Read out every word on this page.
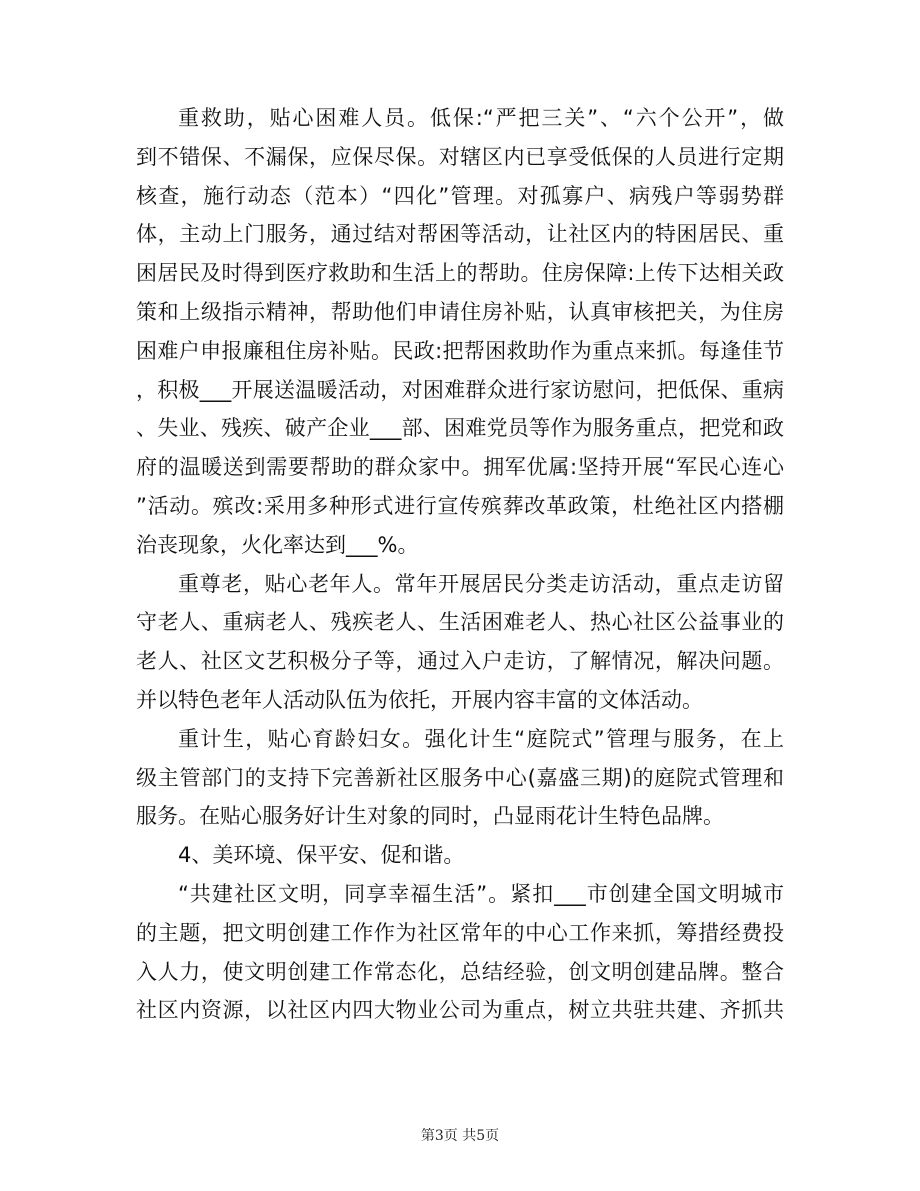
重救助，贴心困难人员。低保:“严把三关”、“六个公开”，做
到不错保、不漏保，应保尽保。对辖区内已享受低保的人员进行定期
核查，施行动态（范本）“四化”管理。对孤寡户、病残户等弱势群
体，主动上门服务，通过结对帮困等活动，让社区内的特困居民、重
困居民及时得到医疗救助和生活上的帮助。住房保障:上传下达相关政
策和上级指示精神，帮助他们申请住房补贴，认真审核把关，为住房
困难户申报廉租住房补贴。民政:把帮困救助作为重点来抓。每逢佳节
，积极___开展送温暖活动，对困难群众进行家访慰问，把低保、重病
、失业、残疾、破产企业___部、困难党员等作为服务重点，把党和政
府的温暖送到需要帮助的群众家中。拥军优属:坚持开展“军民心连心
”活动。殡改:采用多种形式进行宣传殡葬改革政策，杜绝社区内搭棚
治丧现象，火化率达到___%。
重尊老，贴心老年人。常年开展居民分类走访活动，重点走访留
守老人、重病老人、残疾老人、生活困难老人、热心社区公益事业的
老人、社区文艺积极分子等，通过入户走访，了解情况，解决问题。
并以特色老年人活动队伍为依托，开展内容丰富的文体活动。
重计生，贴心育龄妇女。强化计生“庭院式”管理与服务，在上
级主管部门的支持下完善新社区服务中心(嘉盛三期)的庭院式管理和
服务。在贴心服务好计生对象的同时，凸显雨花计生特色品牌。
4、美环境、保平安、促和谐。
“共建社区文明，同享幸福生活”。紧扣___市创建全国文明城市
的主题，把文明创建工作作为社区常年的中心工作来抓，筹措经费投
入人力，使文明创建工作常态化，总结经验，创文明创建品牌。整合
社区内资源，以社区内四大物业公司为重点，树立共驻共建、齐抓共
第3页 共5页
